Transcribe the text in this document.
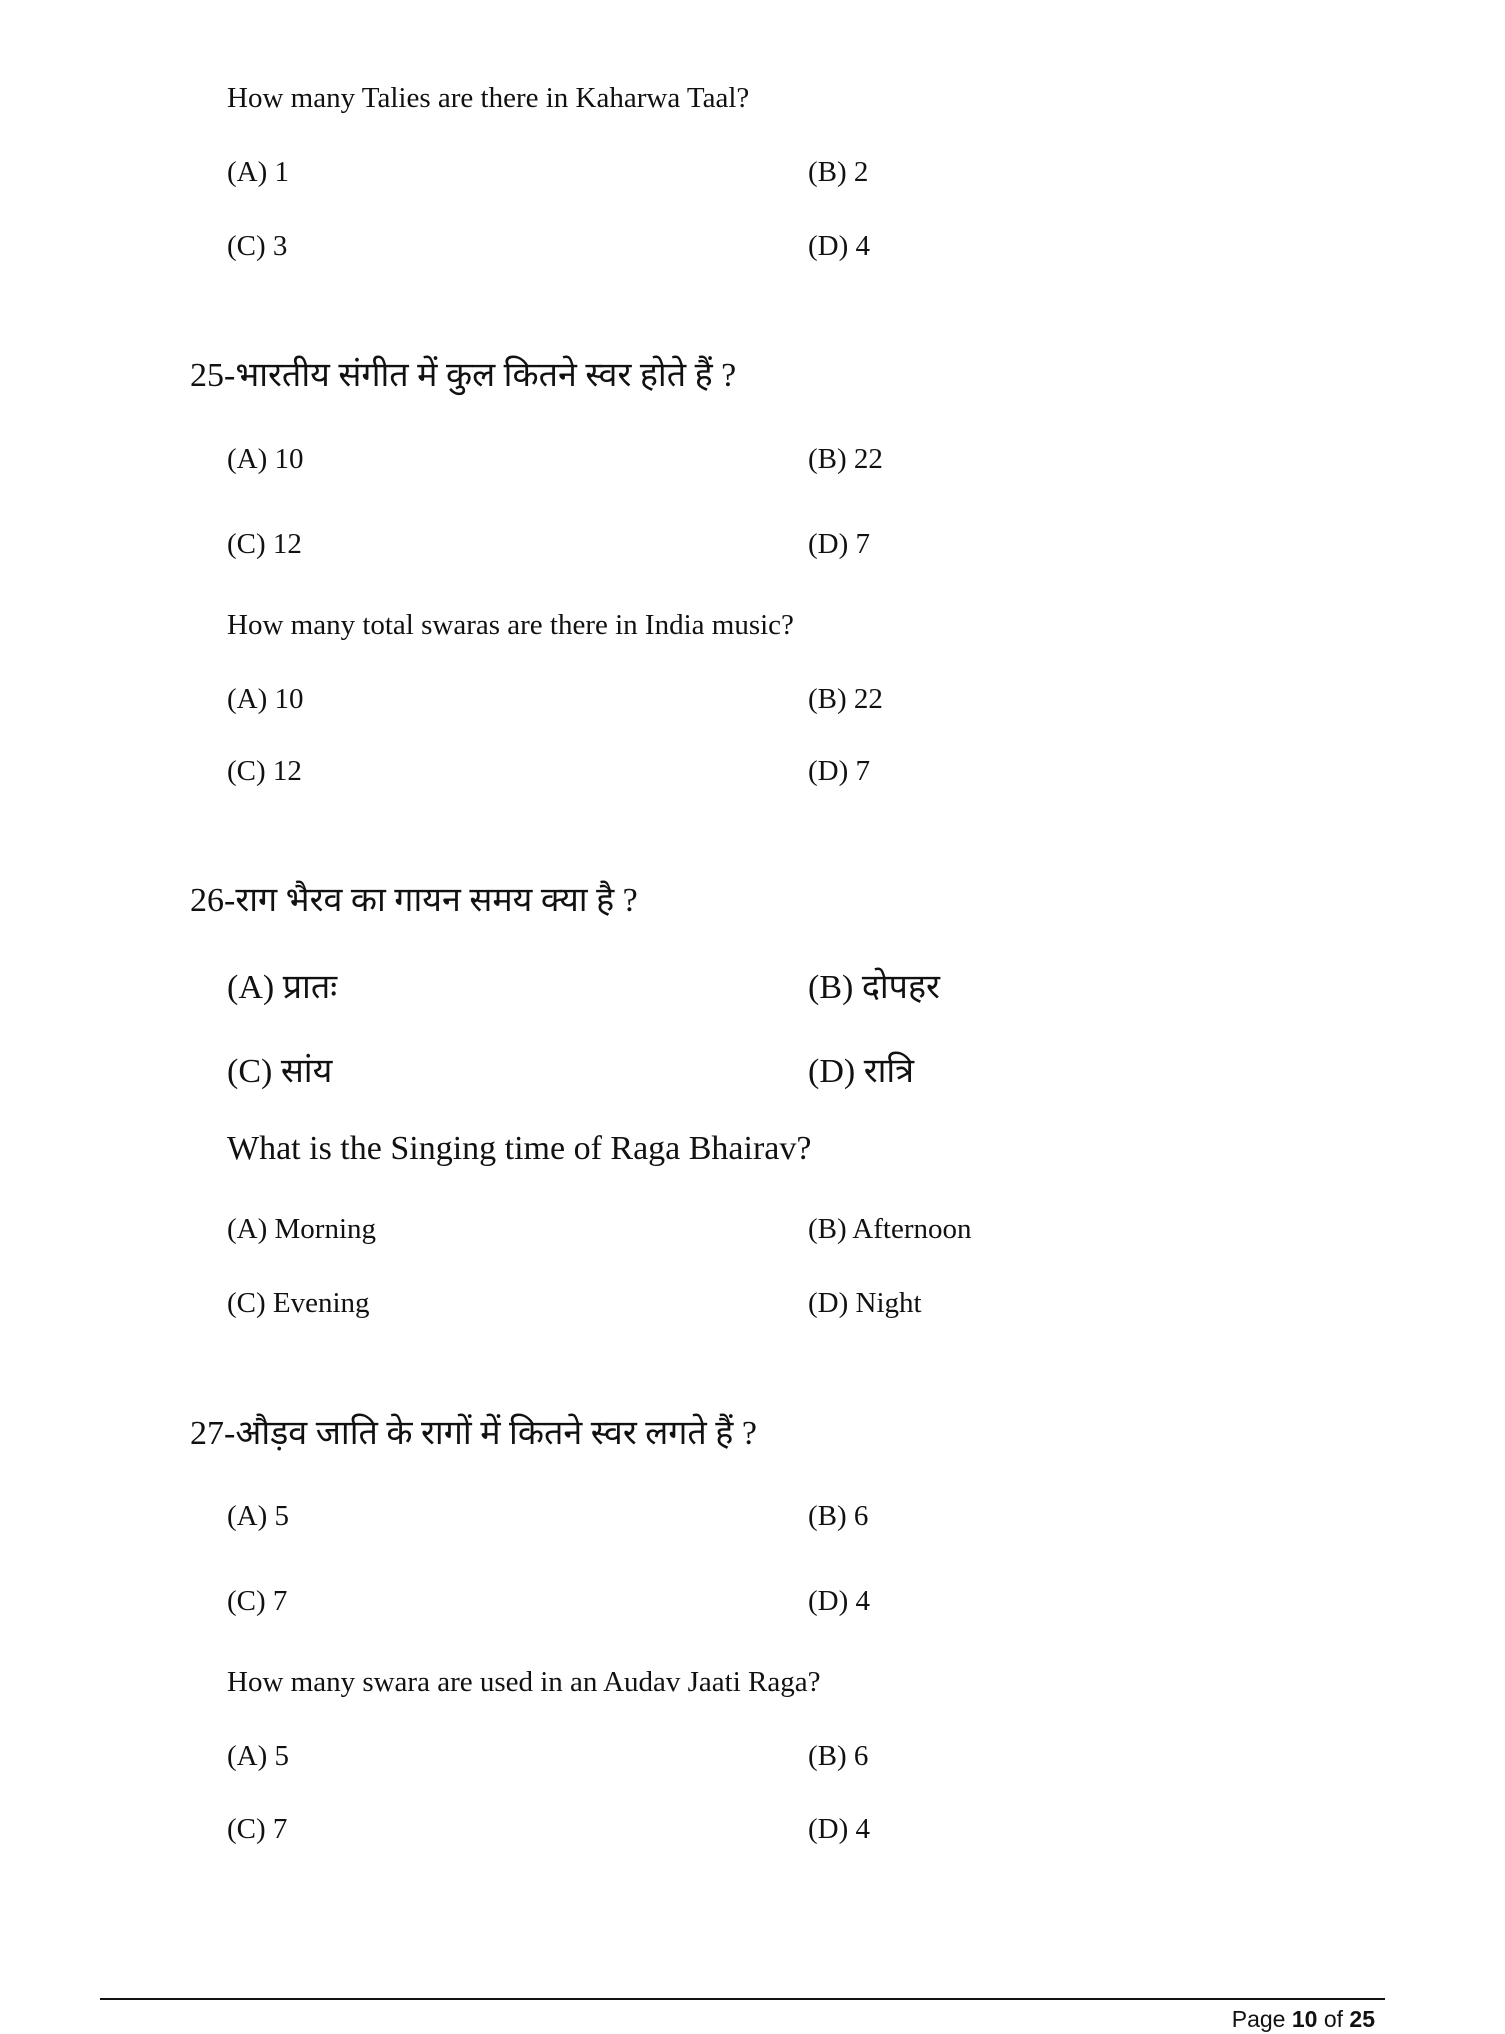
How many Talies are there in Kaharwa Taal?
(A) 1	(B) 2
(C) 3	(D) 4
25-भारतीय संगीत में कुल कितने स्वर होते हैं ?
(A) 10	(B) 22
(C) 12	(D) 7
How many total swaras are there in India music?
(A) 10	(B) 22
(C) 12	(D) 7
26-राग भैरव का गायन समय क्या है ?
(A) प्रातः	(B) दोपहर
(C) सांय	(D) रात्रि
What is the Singing time of Raga Bhairav?
(A) Morning	(B) Afternoon
(C) Evening	(D) Night
27-औड़व जाति के रागों में कितने स्वर लगते हैं ?
(A) 5	(B) 6
(C) 7	(D) 4
How many swara are used in an Audav Jaati Raga?
(A) 5	(B) 6
(C) 7	(D) 4
Page 10 of 25
